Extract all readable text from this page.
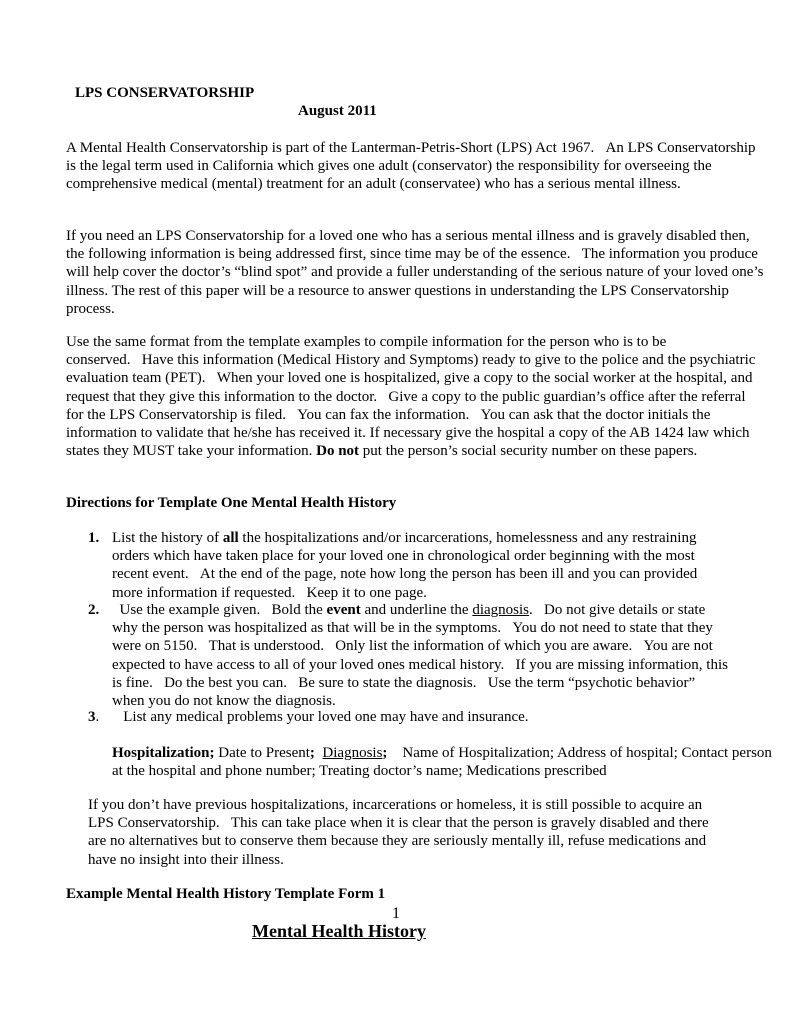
LPS CONSERVATORSHIP

August 2011

A Mental Health Conservatorship is part of the Lanterman-Petris-Short (LPS) Act 1967.   An LPS Conservatorship is the legal term used in California which gives one adult (conservator) the responsibility for overseeing the comprehensive medical (mental) treatment for an adult (conservatee) who has a serious mental illness.

If you need an LPS Conservatorship for a loved one who has a serious mental illness and is gravely disabled then, the following information is being addressed first, since time may be of the essence.   The information you produce will help cover the doctor’s “blind spot” and provide a fuller understanding of the serious nature of your loved one’s illness. The rest of this paper will be a resource to answer questions in understanding the LPS Conservatorship process.

Use the same format from the template examples to compile information for the person who is to be conserved.   Have this information (Medical History and Symptoms) ready to give to the police and the psychiatric evaluation team (PET).   When your loved one is hospitalized, give a copy to the social worker at the hospital, and request that they give this information to the doctor.   Give a copy to the public guardian’s office after the referral for the LPS Conservatorship is filed.   You can fax the information.   You can ask that the doctor initials the information to validate that he/she has received it. If necessary give the hospital a copy of the AB 1424 law which states they MUST take your information. Do not put the person’s social security number on these papers.

Directions for Template One Mental Health History

1. List the history of all the hospitalizations and/or incarcerations, homelessness and any restraining orders which have taken place for your loved one in chronological order beginning with the most recent event.   At the end of the page, note how long the person has been ill and you can provided more information if requested.   Keep it to one page.
2. Use the example given.   Bold the event and underline the diagnosis.   Do not give details or state why the person was hospitalized as that will be in the symptoms.   You do not need to state that they were on 5150.   That is understood.   Only list the information of which you are aware.   You are not expected to have access to all of your loved ones medical history.   If you are missing information, this is fine.   Do the best you can.   Be sure to state the diagnosis.   Use the term “psychotic behavior” when you do not know the diagnosis.
3. List any medical problems your loved one may have and insurance.

Hospitalization; Date to Present; Diagnosis;    Name of Hospitalization; Address of hospital; Contact person at the hospital and phone number; Treating doctor’s name; Medications prescribed

If you don’t have previous hospitalizations, incarcerations or homeless, it is still possible to acquire an LPS Conservatorship.   This can take place when it is clear that the person is gravely disabled and there are no alternatives but to conserve them because they are seriously mentally ill, refuse medications and have no insight into their illness.

Example Mental Health History Template Form 1

1

Mental Health History
